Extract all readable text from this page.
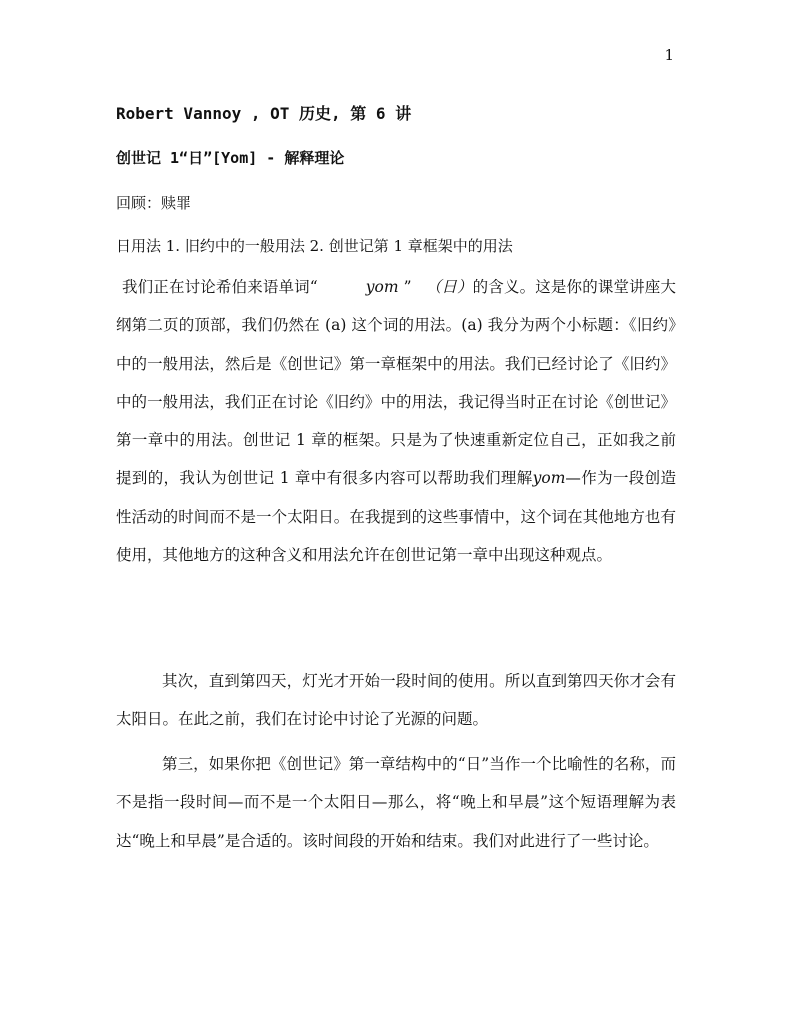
1
Robert Vannoy , OT 历史, 第 6 讲
创世记 1“日”[Yom] - 解释理论
回顾：赎罪
日用法 1. 旧约中的一般用法 2. 创世记第 1 章框架中的用法

我们正在讨论希伯来语单词“	yom ” （日）的含义。这是你的课堂讲座大纲第二页的顶部，我们仍然在 (a) 这个词的用法。(a) 我分为两个小标题：《旧约》中的一般用法，然后是《创世记》第一章框架中的用法。我们已经讨论了《旧约》中的一般用法，我们正在讨论《旧约》中的用法，我记得当时正在讨论《创世记》第一章中的用法。创世记 1 章的框架。只是为了快速重新定位自己，正如我之前提到的，我认为创世记 1 章中有很多内容可以帮助我们理解yom—作为一段创造性活动的时间而不是一个太阳日。在我提到的这些事情中，这个词在其他地方也有使用，其他地方的这种含义和用法允许在创世记第一章中出现这种观点。

其次，直到第四天，灯光才开始一段时间的使用。所以直到第四天你才会有太阳日。在此之前，我们在讨论中讨论了光源的问题。

第三，如果你把《创世记》第一章结构中的“日”当作一个比喻性的名称，而不是指一段时间—而不是一个太阳日—那么，将“晚上和早晨”这个短语理解为表达“晚上和早晨”是合适的。该时间段的开始和结束。我们对此进行了一些讨论。
